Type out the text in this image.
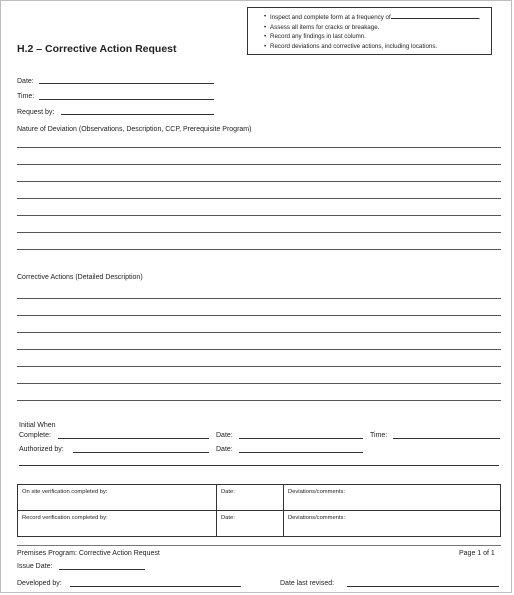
• Inspect and complete form at a frequency of	.
• Assess all items for cracks or breakage.
• Record any findings in last column.
• Record deviations and corrective actions, including locations.
H.2 – Corrective Action Request
Date:
Time:
Request by:
Nature of Deviation (Observations, Description, CCP, Prerequisite Program)
Corrective Actions (Detailed Description)
Initial When
Complete:	Date:	Time:
Authorized by:	Date:
On site verification completed by:	Date:	Deviations/comments:
Record verification completed by:	Date:	Deviations/comments:
Premises Program: Corrective Action Request	Page 1 of 1
Issue Date:
Developed by:	Date last revised:
